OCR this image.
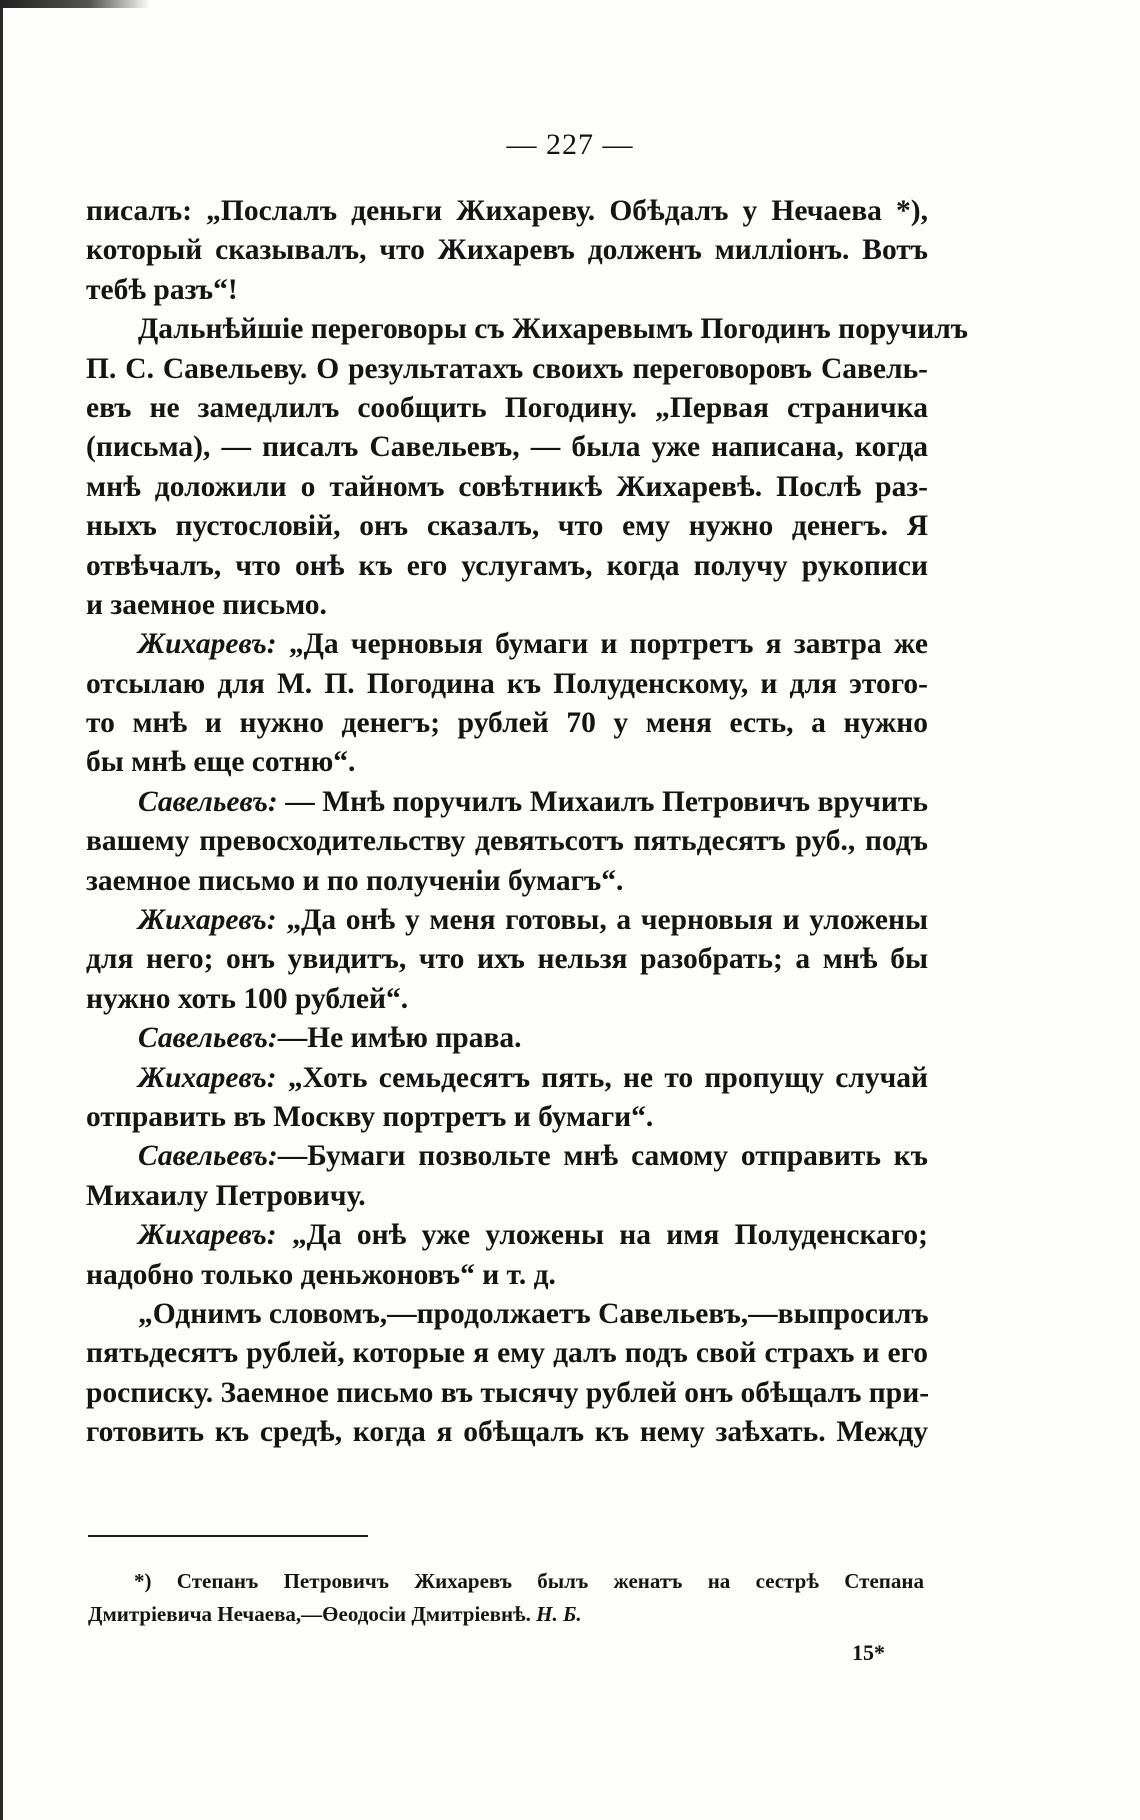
— 227 —
писалъ: „Послалъ деньги Жихареву. Обѣдалъ у Нечаева *),
который сказывалъ, что Жихаревъ долженъ милліонъ. Вотъ
тебѣ разъ“!
Дальнѣйшіе переговоры съ Жихаревымъ Погодинъ поручилъ
П. С. Савельеву. О результатахъ своихъ переговоровъ Савель-
евъ не замедлилъ сообщить Погодину. „Первая страничка
(письма), — писалъ Савельевъ, — была уже написана, когда
мнѣ доложили о тайномъ совѣтникѣ Жихаревѣ. Послѣ раз-
ныхъ пустословій, онъ сказалъ, что ему нужно денегъ. Я
отвѣчалъ, что онѣ къ его услугамъ, когда получу рукописи
и заемное письмо.
Жихаревъ: „Да черновыя бумаги и портретъ я завтра же
отсылаю для М. П. Погодина къ Полуденскому, и для этого-
то мнѣ и нужно денегъ; рублей 70 у меня есть, а нужно
бы мнѣ еще сотню“.
Савельевъ: — Мнѣ поручилъ Михаилъ Петровичъ вручить
вашему превосходительству девятьсотъ пятьдесятъ руб., подъ
заемное письмо и по полученіи бумагъ“.
Жихаревъ: „Да онѣ у меня готовы, а черновыя и уложены
для него; онъ увидитъ, что ихъ нельзя разобрать; а мнѣ бы
нужно хоть 100 рублей“.
Савельевъ:—Не имѣю права.
Жихаревъ: „Хоть семьдесятъ пять, не то пропущу случай
отправить въ Москву портретъ и бумаги“.
Савельевъ:—Бумаги позвольте мнѣ самому отправить къ
Михаилу Петровичу.
Жихаревъ: „Да онѣ уже уложены на имя Полуденскаго;
надобно только деньжоновъ“ и т. д.
„Однимъ словомъ,—продолжаетъ Савельевъ,—выпросилъ
пятьдесятъ рублей, которые я ему далъ подъ свой страхъ и его
росписку. Заемное письмо въ тысячу рублей онъ обѣщалъ при-
готовить къ средѣ, когда я обѣщалъ къ нему заѣхать. Между
*) Степанъ Петровичъ Жихаревъ былъ женатъ на сестрѣ Степана
Дмитріевича Нечаева,—Өеодосіи Дмитріевнѣ. Н. Б.
15*
